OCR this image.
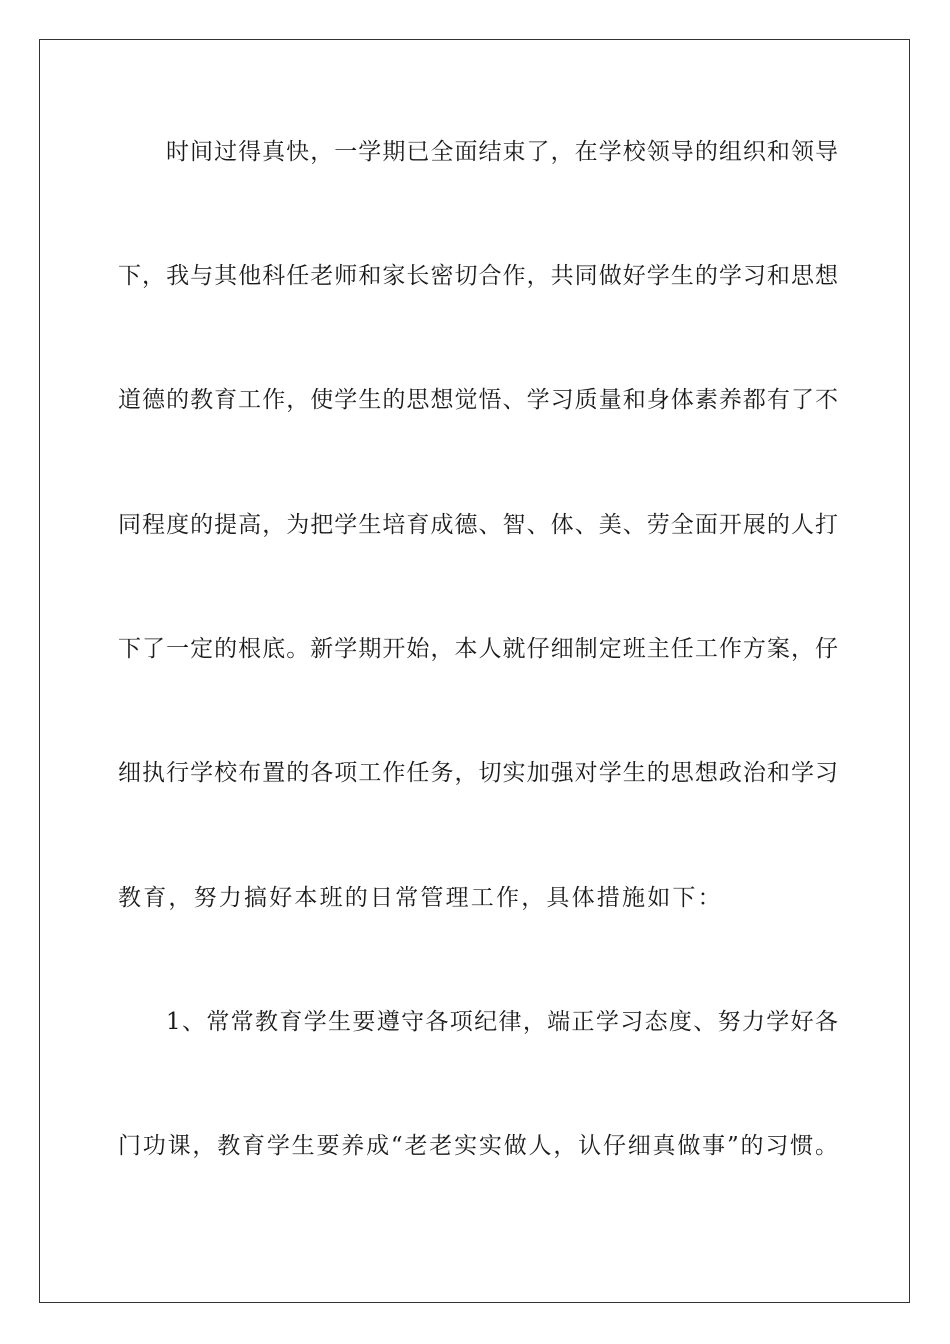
时间过得真快，一学期已全面结束了，在学校领导的组织和领导
下，我与其他科任老师和家长密切合作，共同做好学生的学习和思想
道德的教育工作，使学生的思想觉悟、学习质量和身体素养都有了不
同程度的提高，为把学生培育成德、智、体、美、劳全面开展的人打
下了一定的根底。新学期开始，本人就仔细制定班主任工作方案，仔
细执行学校布置的各项工作任务，切实加强对学生的思想政治和学习
教育，努力搞好本班的日常管理工作，具体措施如下：
1、常常教育学生要遵守各项纪律，端正学习态度、努力学好各
门功课，教育学生要养成“老老实实做人，认仔细真做事”的习惯。
